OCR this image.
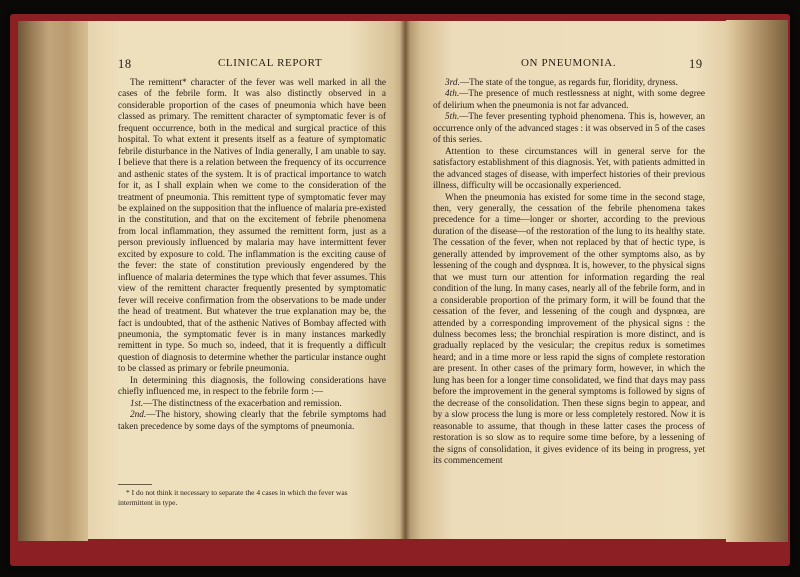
18	CLINICAL REPORT

The remittent* character of the fever was well marked in all the cases of the febrile form. It was also distinctly observed in a considerable proportion of the cases of pneumonia which have been classed as primary. The remittent character of symptomatic fever is of frequent occurrence, both in the medical and surgical practice of this hospital. To what extent it presents itself as a feature of symptomatic febrile disturbance in the Natives of India generally, I am unable to say. I believe that there is a relation between the frequency of its occurrence and asthenic states of the system. It is of practical importance to watch for it, as I shall explain when we come to the consideration of the treatment of pneumonia. This remittent type of symptomatic fever may be explained on the supposition that the influence of malaria pre-existed in the constitution, and that on the excitement of febrile phenomena from local inflammation, they assumed the remittent form, just as a person previously influenced by malaria may have intermittent fever excited by exposure to cold. The inflammation is the exciting cause of the fever: the state of constitution previously engendered by the influence of malaria determines the type which that fever assumes. This view of the remittent character frequently presented by symptomatic fever will receive confirmation from the observations to be made under the head of treatment. But whatever the true explanation may be, the fact is undoubted, that of the asthenic Natives of Bombay affected with pneumonia, the symptomatic fever is in many instances markedly remittent in type. So much so, indeed, that it is frequently a difficult question of diagnosis to determine whether the particular instance ought to be classed as primary or febrile pneumonia.

In determining this diagnosis, the following considerations have chiefly influenced me, in respect to the febrile form :—

1st.—The distinctness of the exacerbation and remission.

2nd.—The history, showing clearly that the febrile symptoms had taken precedence by some days of the symptoms of pneumonia.

* I do not think it necessary to separate the 4 cases in which the fever was intermittent in type.
ON PNEUMONIA.	19

3rd.—The state of the tongue, as regards fur, floridity, dryness.

4th.—The presence of much restlessness at night, with some degree of delirium when the pneumonia is not far advanced.

5th.—The fever presenting typhoid phenomena. This is, however, an occurrence only of the advanced stages : it was observed in 5 of the cases of this series.

Attention to these circumstances will in general serve for the satisfactory establishment of this diagnosis. Yet, with patients admitted in the advanced stages of disease, with imperfect histories of their previous illness, difficulty will be occasionally experienced.

When the pneumonia has existed for some time in the second stage, then, very generally, the cessation of the febrile phenomena takes precedence for a time—longer or shorter, according to the previous duration of the disease—of the restoration of the lung to its healthy state. The cessation of the fever, when not replaced by that of hectic type, is generally attended by improvement of the other symptoms also, as by lessening of the cough and dyspnœa. It is, however, to the physical signs that we must turn our attention for information regarding the real condition of the lung. In many cases, nearly all of the febrile form, and in a considerable proportion of the primary form, it will be found that the cessation of the fever, and lessening of the cough and dyspnœa, are attended by a corresponding improvement of the physical signs : the dulness becomes less; the bronchial respiration is more distinct, and is gradually replaced by the vesicular; the crepitus redux is sometimes heard; and in a time more or less rapid the signs of complete restoration are present. In other cases of the primary form, however, in which the lung has been for a longer time consolidated, we find that days may pass before the improvement in the general symptoms is followed by signs of the decrease of the consolidation. Then these signs begin to appear, and by a slow process the lung is more or less completely restored. Now it is reasonable to assume, that though in these latter cases the process of restoration is so slow as to require some time before, by a lessening of the signs of consolidation, it gives evidence of its being in progress, yet its commencement
